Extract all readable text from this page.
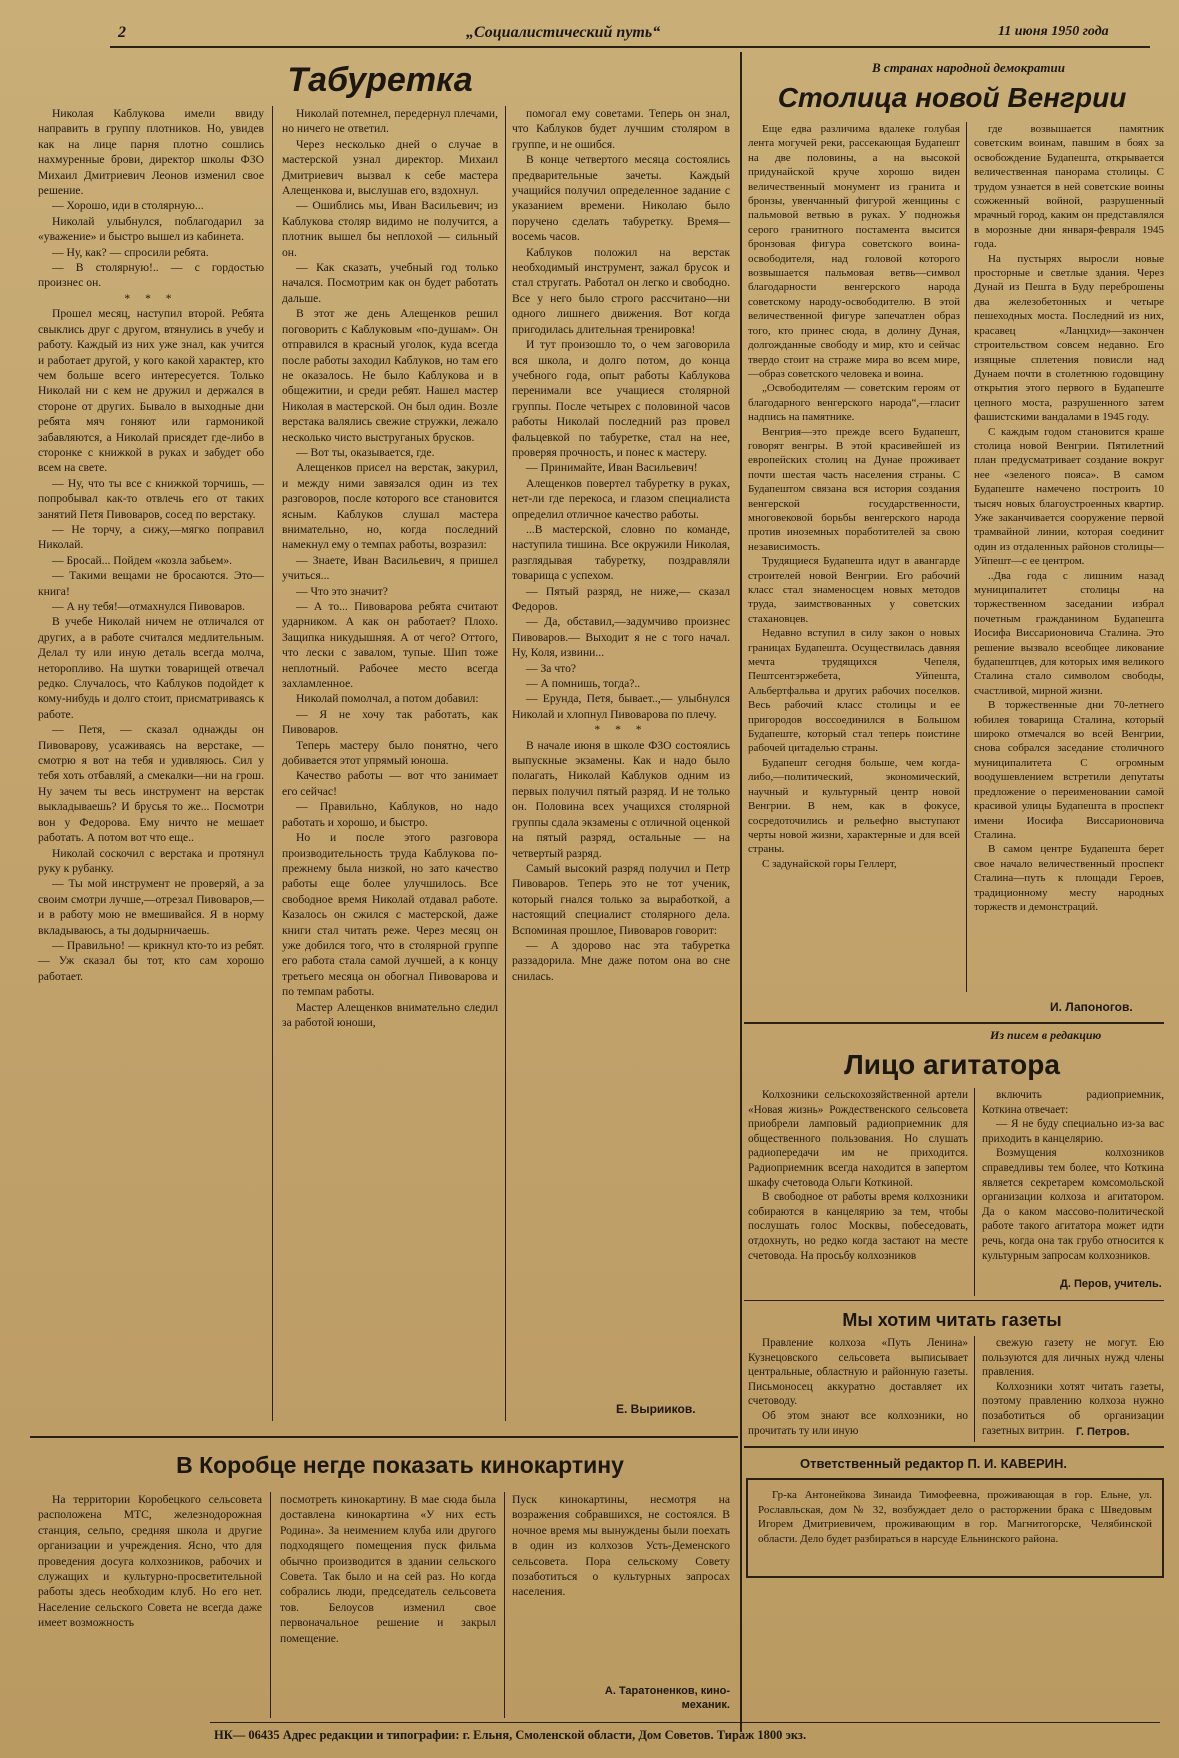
2	„Социалистический путь“	11 июня 1950 года
Табуретка

Николая Каблукова имели ввиду направить в группу плотников. Но, увидев как на лице парня плотно сошлись нахмуренные брови, директор школы ФЗО Михаил Дмитриевич Леонов изменил свое решение.

— Хорошо, иди в столярную...

Николай улыбнулся, поблагодарил за «уважение» и быстро вышел из кабинета.

— Ну, как? — спросили ребята.

— В столярную!.. — с гордостью произнес он.

* * *

Прошел месяц, наступил второй. Ребята свыклись друг с другом, втянулись в учебу и работу. Каждый из них уже знал, как учится и работает другой, у кого какой характер, кто чем больше всего интересуется. Только Николай ни с кем не дружил и держался в стороне от других. Бывало в выходные дни ребята мяч гоняют или гармоникой забавляются, а Николай присядет где-либо в сторонке с книжкой в руках и забудет обо всем на свете.

— Ну, что ты все с книжкой торчишь, — попробывал как-то отвлечь его от таких занятий Петя Пивоваров, сосед по верстаку.

— Не торчу, а сижу,—мягко поправил Николай.

— Бросай... Пойдем «козла забьем».

— Такими вещами не бросаются. Это—книга!

— А ну тебя!—отмахнулся Пивоваров.

В учебе Николай ничем не отличался от других, а в работе считался медлительным. Делал ту или иную деталь всегда молча, неторопливо. На шутки товарищей отвечал редко. Случалось, что Каблуков подойдет к кому-нибудь и долго стоит, присматриваясь к работе.

— Петя, — сказал однажды он Пивоварову, усаживаясь на верстаке, — смотрю я вот на тебя и удивляюсь. Сил у тебя хоть отбавляй, а смекалки—ни на грош. Ну зачем ты весь инструмент на верстак выкладываешь? И брусья то же... Посмотри вон у Федорова. Ему ничто не мешает работать. А потом вот что еще..

Николай соскочил с верстака и протянул руку к рубанку.

— Ты мой инструмент не проверяй, а за своим смотри лучше,—отрезал Пивоваров,— и в работу мою не вмешивайся. Я в норму вкладываюсь, а ты додырничаешь.

— Правильно! — крикнул кто-то из ребят. — Уж сказал бы тот, кто сам хорошо работает.

Николай потемнел, передернул плечами, но ничего не ответил.

Через несколько дней о случае в мастерской узнал директор. Михаил Дмитриевич вызвал к себе мастера Алещенкова и, выслушав его, вздохнул.

— Ошиблись мы, Иван Васильевич; из Каблукова столяр видимо не получится, а плотник вышел бы неплохой — сильный он.

— Как сказать, учебный год только начался. Посмотрим как он будет работать дальше.

В этот же день Алещенков решил поговорить с Каблуковым «по-душам». Он отправился в красный уголок, куда всегда после работы заходил Каблуков, но там его не оказалось. Не было Каблукова и в общежитии, и среди ребят. Нашел мастер Николая в мастерской. Он был один. Возле верстака валялись свежие стружки, лежало несколько чисто выструганых брусков.

— Вот ты, оказывается, где.

Алещенков присел на верстак, закурил, и между ними завязался один из тех разговоров, после которого все становится ясным. Каблуков слушал мастера внимательно, но, когда последний намекнул ему о темпах работы, возразил:

— Знаете, Иван Васильевич, я пришел учиться...

— Что это значит?

— А то... Пивоварова ребята считают ударником. А как он работает? Плохо. Защипка никудышняя. А от чего? Оттого, что лески с завалом, тупые. Шип тоже неплотный. Рабочее место всегда захламленное.

Николай помолчал, а потом добавил:

— Я не хочу так работать, как Пивоваров.

Теперь мастеру было понятно, чего добивается этот упрямый юноша.

Качество работы — вот что занимает его сейчас!

— Правильно, Каблуков, но надо работать и хорошо, и быстро.

Но и после этого разговора производительность труда Каблукова по-прежнему была низкой, но зато качество работы еще более улучшилось. Все свободное время Николай отдавал работе. Казалось он сжился с мастерской, даже книги стал читать реже. Через месяц он уже добился того, что в столярной группе его работа стала самой лучшей, а к концу третьего месяца он обогнал Пивоварова и по темпам работы.

Мастер Алещенков внимательно следил за работой юноши,

помогал ему советами. Теперь он знал, что Каблуков будет лучшим столяром в группе, и не ошибся.

В конце четвертого месяца состоялись предварительные зачеты. Каждый учащийся получил определенное задание с указанием времени. Николаю было поручено сделать табуретку. Время—восемь часов.

Каблуков положил на верстак необходимый инструмент, зажал брусок и стал стругать. Работал он легко и свободно. Все у него было строго рассчитано—ни одного лишнего движения. Вот когда пригодилась длительная тренировка!

И тут произошло то, о чем заговорила вся школа, и долго потом, до конца учебного года, опыт работы Каблукова перенимали все учащиеся столярной группы. После четырех с половиной часов работы Николай последний раз провел фальцевкой по табуретке, стал на нее, проверяя прочность, и понес к мастеру.

— Принимайте, Иван Васильевич!

Алещенков повертел табуретку в руках, нет-ли где перекоса, и глазом специалиста определил отличное качество работы.

...В мастерской, словно по команде, наступила тишина. Все окружили Николая, разглядывая табуретку, поздравляли товарища с успехом.

— Пятый разряд, не ниже,— сказал Федоров.

— Да, обставил,—задумчиво произнес Пивоваров.— Выходит я не с того начал. Ну, Коля, извини...

— За что?

— А помнишь, тогда?..

— Ерунда, Петя, бывает..,— улыбнулся Николай и хлопнул Пивоварова по плечу.

* * *

В начале июня в школе ФЗО состоялись выпускные экзамены. Как и надо было полагать, Николай Каблуков одним из первых получил пятый разряд. И не только он. Половина всех учащихся столярной группы сдала экзамены с отличной оценкой на пятый разряд, остальные — на четвертый разряд.

Самый высокий разряд получил и Петр Пивоваров. Теперь это не тот ученик, который гнался только за выработкой, а настоящий специалист столярного дела. Вспоминая прошлое, Пивоваров говорит:

— А здорово нас эта табуретка раззадорила. Мне даже потом она во сне снилась.

Е. Вырииков.
В странах народной демократии
Столица новой Венгрии

Еще едва различима вдалеке голубая лента могучей реки, рассекающая Будапешт на две половины, а на высокой придунайской круче хорошо виден величественный монумент из гранита и бронзы, увенчанный фигурой женщины с пальмовой ветвью в руках. У подножья серого гранитного постамента высится бронзовая фигура советского воина-освободителя, над головой которого возвышается пальмовая ветвь—символ благодарности венгерского народа советскому народу-освободителю. В этой величественной фигуре запечатлен образ того, кто принес сюда, в долину Дуная, долгожданные свободу и мир, кто и сейчас твердо стоит на страже мира во всем мире,—образ советского человека и воина.

„Освободителям — советским героям от благодарного венгерского народа“,—гласит надпись на памятнике.

Венгрия—это прежде всего Будапешт, говорят венгры. В этой красивейшей из европейских столиц на Дунае проживает почти шестая часть населения страны. С Будапештом связана вся история создания венгерской государственности, многовековой борьбы венгерского народа против иноземных поработителей за свою независимость.

Трудящиеся Будапешта идут в авангарде строителей новой Венгрии. Его рабочий класс стал знаменосцем новых методов труда, заимствованных у советских стахановцев.

Недавно вступил в силу закон о новых границах Будапешта. Осуществилась давняя мечта трудящихся Чепеля, Пештсентэржебета, Уйпешта, Альбертфальва и других рабочих поселков. Весь рабочий класс столицы и ее пригородов воссоединился в Большом Будапеште, который стал теперь поистине рабочей цитаделью страны.

Будапешт сегодня больше, чем когда-либо,—политический, экономический, научный и культурный центр новой Венгрии. В нем, как в фокусе, сосредоточились и рельефно выступают черты новой жизни, характерные и для всей страны.

С задунайской горы Геллерт,

где возвышается памятник советским воинам, павшим в боях за освобождение Будапешта, открывается величественная панорама столицы. С трудом узнается в ней советские воины сожженный войной, разрушенный мрачный город, каким он представлялся в морозные дни января-февраля 1945 года.

На пустырях выросли новые просторные и светлые здания. Через Дунай из Пешта в Буду переброшены два железобетонных и четыре пешеходных моста. Последний из них, красавец «Ланцхид»—закончен строительством совсем недавно. Его изящные сплетения повисли над Дунаем почти в столетнюю годовщину открытия этого первого в Будапеште цепного моста, разрушенного затем фашистскими вандалами в 1945 году.

С каждым годом становится краше столица новой Венгрии. Пятилетний план предусматривает создание вокруг нее «зеленого пояса». В самом Будапеште намечено построить 10 тысяч новых благоустроенных квартир. Уже заканчивается сооружение первой трамвайной линии, которая соединит один из отдаленных районов столицы—Уйпешт—с ее центром.

..Два года с лишним назад муниципалитет столицы на торжественном заседании избрал почетным гражданином Будапешта Иосифа Виссарионовича Сталина. Это решение вызвало всеобщее ликование будапештцев, для которых имя великого Сталина стало символом свободы, счастливой, мирной жизни.

В торжественные дни 70-летнего юбилея товарища Сталина, который широко отмечался во всей Венгрии, снова собрался заседание столичного муниципалитета С огромным воодушевлением встретили депутаты предложение о переименовании самой красивой улицы Будапешта в проспект имени Иосифа Виссарионовича Сталина.

В самом центре Будапешта берет свое начало величественный проспект Сталина—путь к площади Героев, традиционному месту народных торжеств и демонстраций.

И. Лапоногов.
Из писем в редакцию
Лицо агитатора

Колхозники сельскохозяйственной артели «Новая жизнь» Рождественского сельсовета приобрели ламповый радиоприемник для общественного пользования. Но слушать радиопередачи им не приходится. Радиоприемник всегда находится в запертом шкафу счетовода Ольги Коткиной.

В свободное от работы время колхозники собираются в канцелярию за тем, чтобы послушать голос Москвы, побеседовать, отдохнуть, но редко когда застают на месте счетовода. На просьбу колхозников

включить радиоприемник, Коткина отвечает:

— Я не буду специально из-за вас приходить в канцелярию.

Возмущения колхозников справедливы тем более, что Коткина является секретарем комсомольской организации колхоза и агитатором. Да о каком массово-политической работе такого агитатора может идти речь, когда она так грубо относится к культурным запросам колхозников.

Д. Перов, учитель.
Мы хотим читать газеты

Правление колхоза «Путь Ленина» Кузнецовского сельсовета выписывает центральные, областную и районную газеты. Письмоносец аккуратно доставляет их счетоводу.

Об этом знают все колхозники, но прочитать ту или иную

свежую газету не могут. Ею пользуются для личных нужд члены правления.

Колхозники хотят читать газеты, поэтому правлению колхоза нужно позаботиться об организации газетных витрин.	Г. Петров.
Ответственный редактор П. И. КАВЕРИН.
Гр-ка Антонейкова Зинаида Тимофеевна, проживающая в гор. Ельне, ул. Рославльская, дом № 32, возбуждает дело о расторжении брака с Шведовым Игорем Дмитриевичем, проживающим в гор. Магнитогорске, Челябинской области. Дело будет разбираться в нарсуде Ельнинского района.
В Коробце негде показать кинокартину
На территории Коробецкого сельсовета расположена МТС, железнодорожная станция, сельпо, средняя школа и другие организации и учреждения. Ясно, что для проведения досуга колхозников, рабочих и служащих и культурно-просветительной работы здесь необходим клуб. Но его нет. Население сельского Совета не всегда даже имеет возможность
посмотреть кинокартину. В мае сюда была доставлена кинокартина «У них есть Родина». За неимением клуба или другого подходящего помещения пуск фильма обычно производится в здании сельского Совета. Так было и на сей раз. Но когда собрались люди, председатель сельсовета тов. Белоусов изменил свое первоначальное решение и закрыл помещение.
Пуск кинокартины, несмотря на возражения собравшихся, не состоялся. В ночное время мы вынуждены были поехать в один из колхозов Усть-Деменского сельсовета. Пора сельскому Совету позаботиться о культурных запросах населения.
А. Таратоненков, кино-механик.
НК— 06435 Адрес редакции и типографии: г. Ельня, Смоленской области, Дом Советов. Тираж 1800 экз.
